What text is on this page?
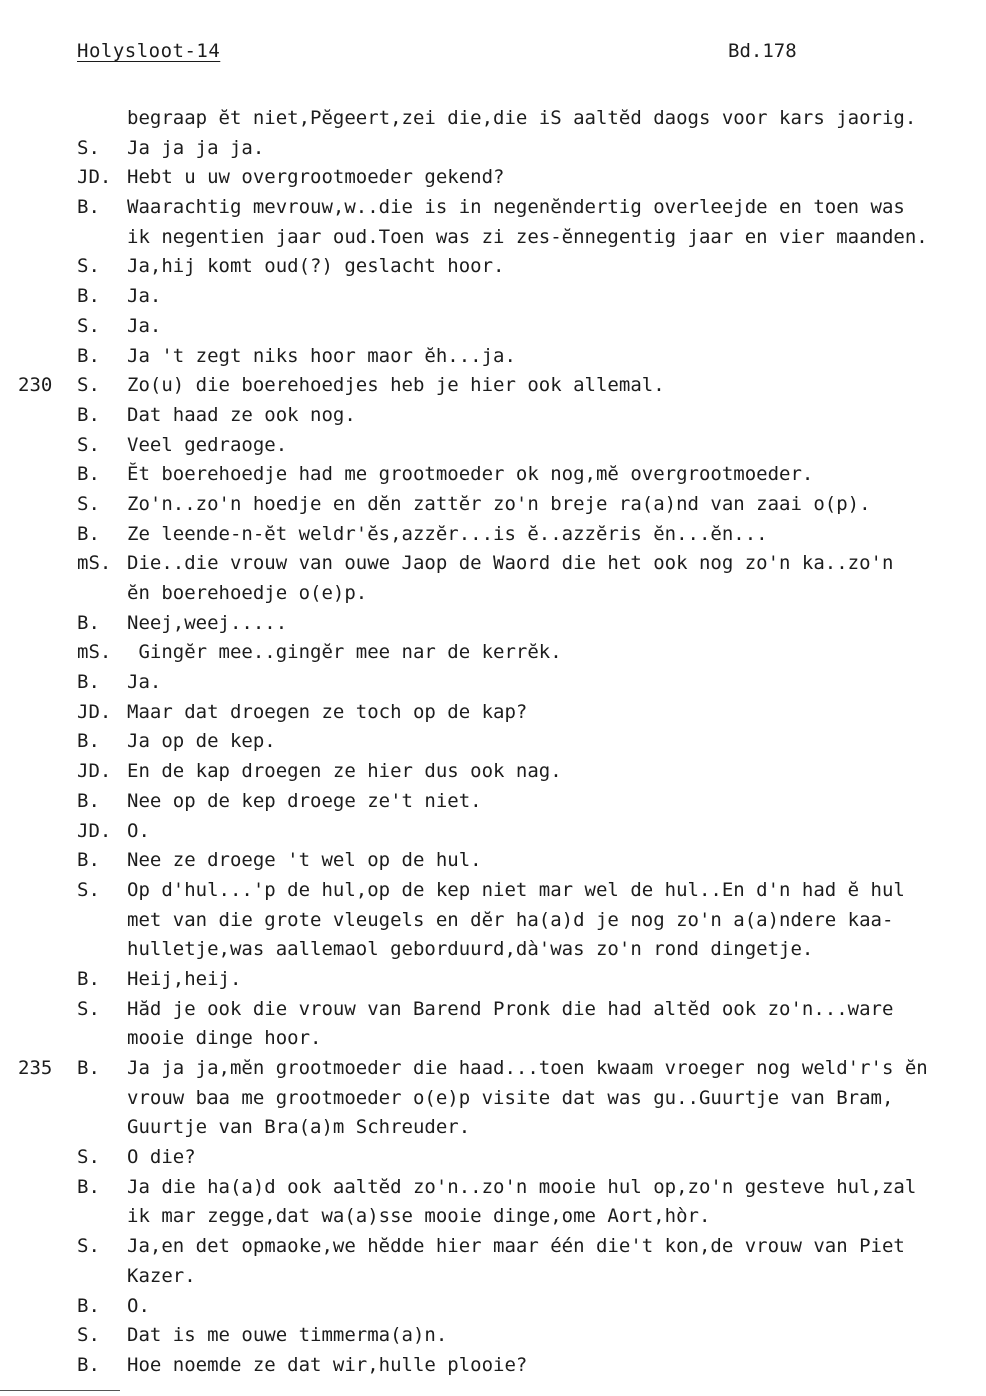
Holysloot-14	Bd.178
begraap ĕt niet,Pĕgeert,zei die,die iS aaltĕd daogs voor kars jaorig.
S.	Ja ja ja ja.
JD. Hebt u uw overgrootmoeder gekend?
B.	Waarachtig mevrouw,w..die is in negenĕndertig overleejde en toen was
ik negentien jaar oud.Toen was zi zes-ĕnnegentig jaar en vier maanden.
S.	Ja,hij komt oud(?) geslacht hoor.
B.	Ja.
S.	Ja.
B.	Ja 't zegt niks hoor maor ĕh...ja.
230	S.	Zo(u) die boerehoedjes heb je hier ook allemal.
B.	Dat haad ze ook nog.
S.	Veel gedraoge.
B.	Ĕt boerehoedje had me grootmoeder ok nog,mĕ overgrootmoeder.
S.	Zo'n..zo'n hoedje en dĕn zattĕr zo'n breje ra(a)nd van zaai o(p).
B.	Ze leende-n-ĕt weldr'ĕs,azzĕr...is ĕ..azzĕris ĕn...ĕn...
mS. Die..die vrouw van ouwe Jaop de Waord die het ook nog zo'n ka..zo'n
ĕn boerehoedje o(e)p.
B.	Neej,weej.....
mS. Gingĕr mee..gingĕr mee nar de kerrĕk.
B.	Ja.
JD. Maar dat droegen ze toch op de kap?
B.	Ja op de kep.
JD. En de kap droegen ze hier dus ook nag.
B.	Nee op de kep droege ze't niet.
JD. O.
B.	Nee ze droege 't wel op de hul.
S.	Op d'hul...'p de hul,op de kep niet mar wel de hul..En d'n had ĕ hul
met van die grote vleugels en dĕr ha(a)d je nog zo'n a(a)ndere kaa-
hulletje,was aallemaol geborduurd,dà'was zo'n rond dingetje.
B.	Heij,heij.
S.	Hăd je ook die vrouw van Barend Pronk die had altĕd ook zo'n...ware
mooie dinge hoor.
235	B.	Ja ja ja,mĕn grootmoeder die haad...toen kwaam vroeger nog weld'r's ĕn
vrouw baa me grootmoeder o(e)p visite dat was gu..Guurtje van Bram,
Guurtje van Bra(a)m Schreuder.
S.	O die?
B.	Ja die ha(a)d ook aaltĕd zo'n..zo'n mooie hul op,zo'n gesteve hul,zal
ik mar zegge,dat wa(a)sse mooie dinge,ome Aort,hòr.
S.	Ja,en det opmaoke,we hĕdde hier maar één die't kon,de vrouw van Piet
Kazer.
B.	O.
S.	Dat is me ouwe timmerma(a)n.
B.	Hoe noemde ze dat wir,hulle plooie?
